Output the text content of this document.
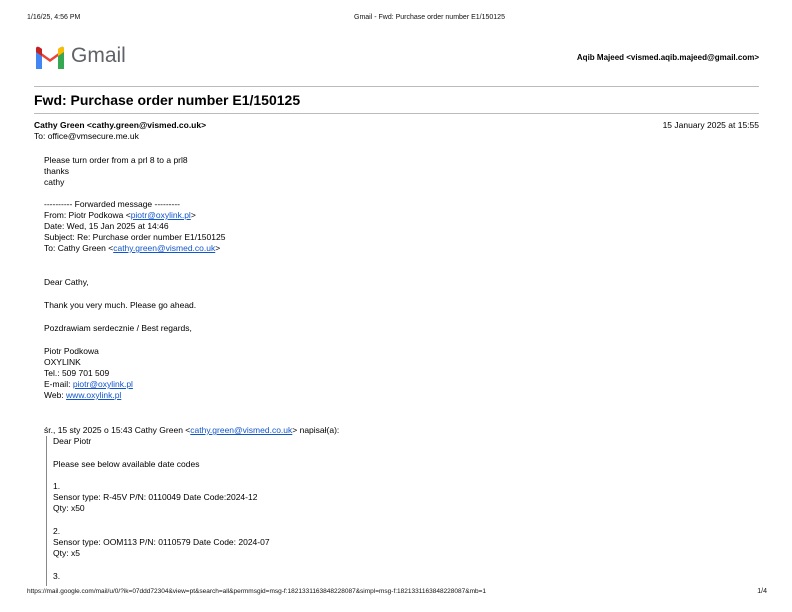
1/16/25, 4:56 PM	Gmail - Fwd: Purchase order number E1/150125
Gmail	Aqib Majeed <vismed.aqib.majeed@gmail.com>
Fwd: Purchase order number E1/150125
Cathy Green <cathy.green@vismed.co.uk>	15 January 2025 at 15:55
To: office@vmsecure.me.uk
Please turn order from a prl 8 to a prl8
thanks
cathy
---------- Forwarded message ---------
From: Piotr Podkowa <piotr@oxylink.pl>
Date: Wed, 15 Jan 2025 at 14:46
Subject: Re: Purchase order number E1/150125
To: Cathy Green <cathy.green@vismed.co.uk>
Dear Cathy,
Thank you very much. Please go ahead.
Pozdrawiam serdecznie / Best regards,
Piotr Podkowa
OXYLINK
Tel.: 509 701 509
E-mail: piotr@oxylink.pl
Web: www.oxylink.pl
śr., 15 sty 2025 o 15:43 Cathy Green <cathy.green@vismed.co.uk> napisał(a):
Dear Piotr
Please see below available date codes
1.
Sensor type: R-45V P/N: 0110049 Date Code:2024-12
Qty: x50
2.
Sensor type: OOM113 P/N: 0110579 Date Code: 2024-07
Qty: x5
3.
https://mail.google.com/mail/u/0/?ik=07ddd72304&view=pt&search=all&permmsgid=msg-f:1821331163848228087&simpl=msg-f:1821331163848228087&mb=1	1/4
